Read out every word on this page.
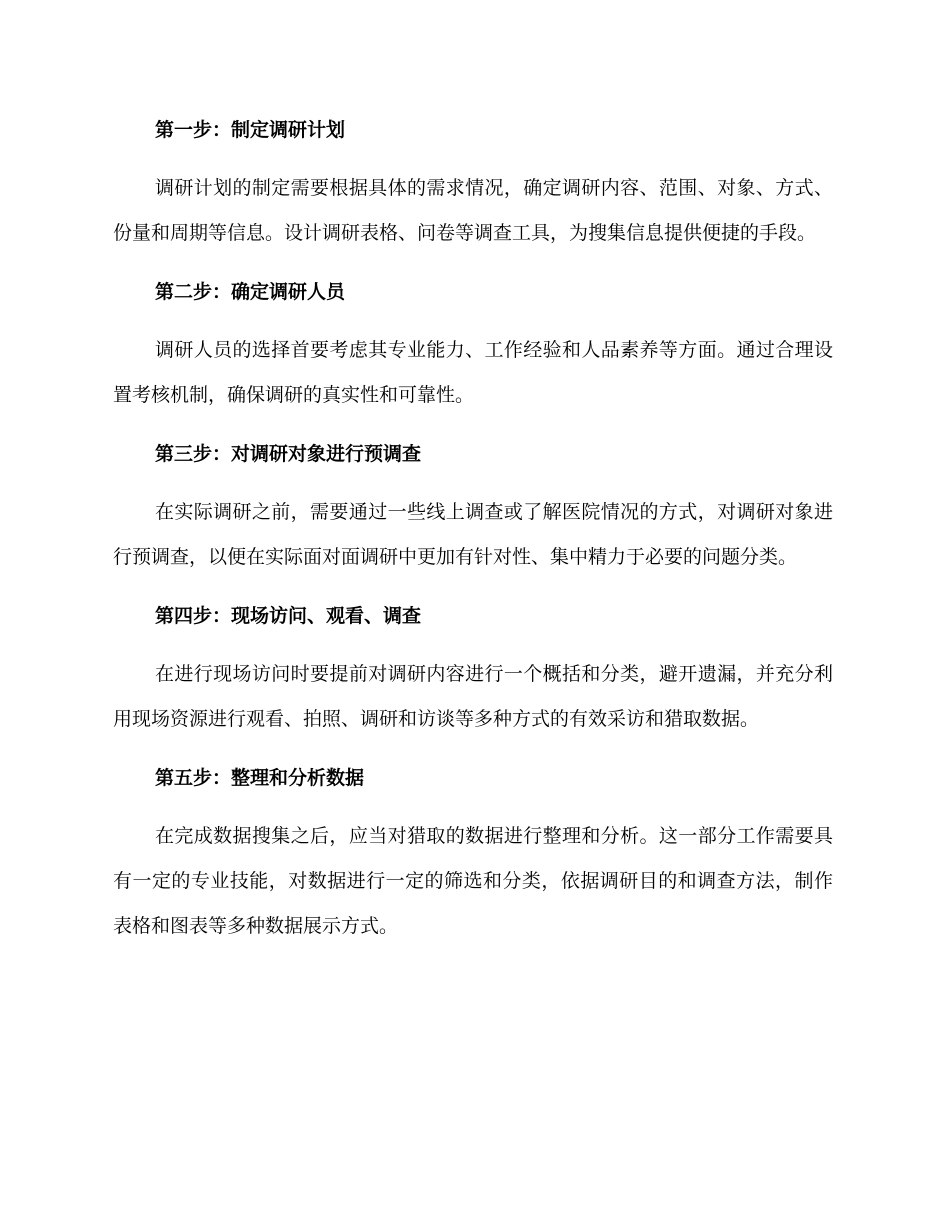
第一步：制定调研计划

调研计划的制定需要根据具体的需求情况，确定调研内容、范围、对象、方式、份量和周期等信息。设计调研表格、问卷等调查工具，为搜集信息提供便捷的手段。

第二步：确定调研人员

调研人员的选择首要考虑其专业能力、工作经验和人品素养等方面。通过合理设置考核机制，确保调研的真实性和可靠性。

第三步：对调研对象进行预调查

在实际调研之前，需要通过一些线上调查或了解医院情况的方式，对调研对象进行预调查，以便在实际面对面调研中更加有针对性、集中精力于必要的问题分类。

第四步：现场访问、观看、调查

在进行现场访问时要提前对调研内容进行一个概括和分类，避开遗漏，并充分利用现场资源进行观看、拍照、调研和访谈等多种方式的有效采访和猎取数据。

第五步：整理和分析数据

在完成数据搜集之后，应当对猎取的数据进行整理和分析。这一部分工作需要具有一定的专业技能，对数据进行一定的筛选和分类，依据调研目的和调查方法，制作表格和图表等多种数据展示方式。
